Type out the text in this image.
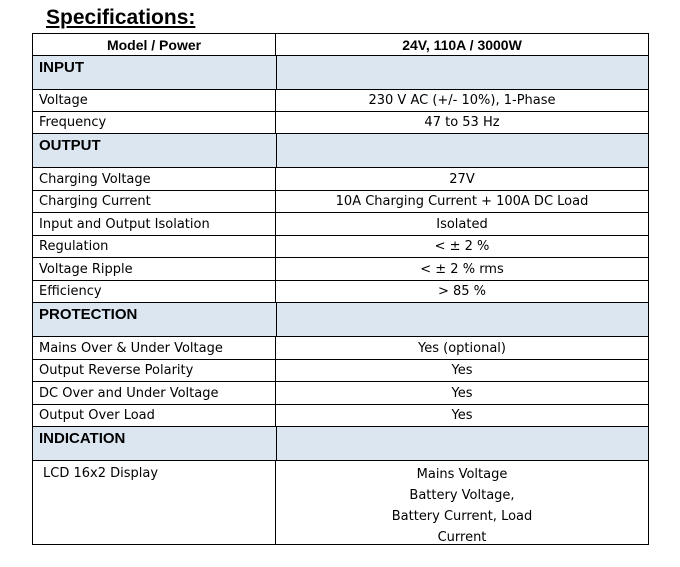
Specifications:
Model / Power	24V, 110A / 3000W
INPUT
Voltage	230 V AC (+/- 10%), 1-Phase
Frequency	47 to 53 Hz
OUTPUT
Charging Voltage	27V
Charging Current	10A Charging Current + 100A DC Load
Input and Output Isolation	Isolated
Regulation	< ± 2 %
Voltage Ripple	< ± 2 % rms
Efficiency	> 85 %
PROTECTION
Mains Over & Under Voltage	Yes (optional)
Output Reverse Polarity	Yes
DC Over and Under Voltage	Yes
Output Over Load	Yes
INDICATION
LCD 16x2 Display	Mains Voltage
Battery Voltage,
Battery Current, Load
Current
